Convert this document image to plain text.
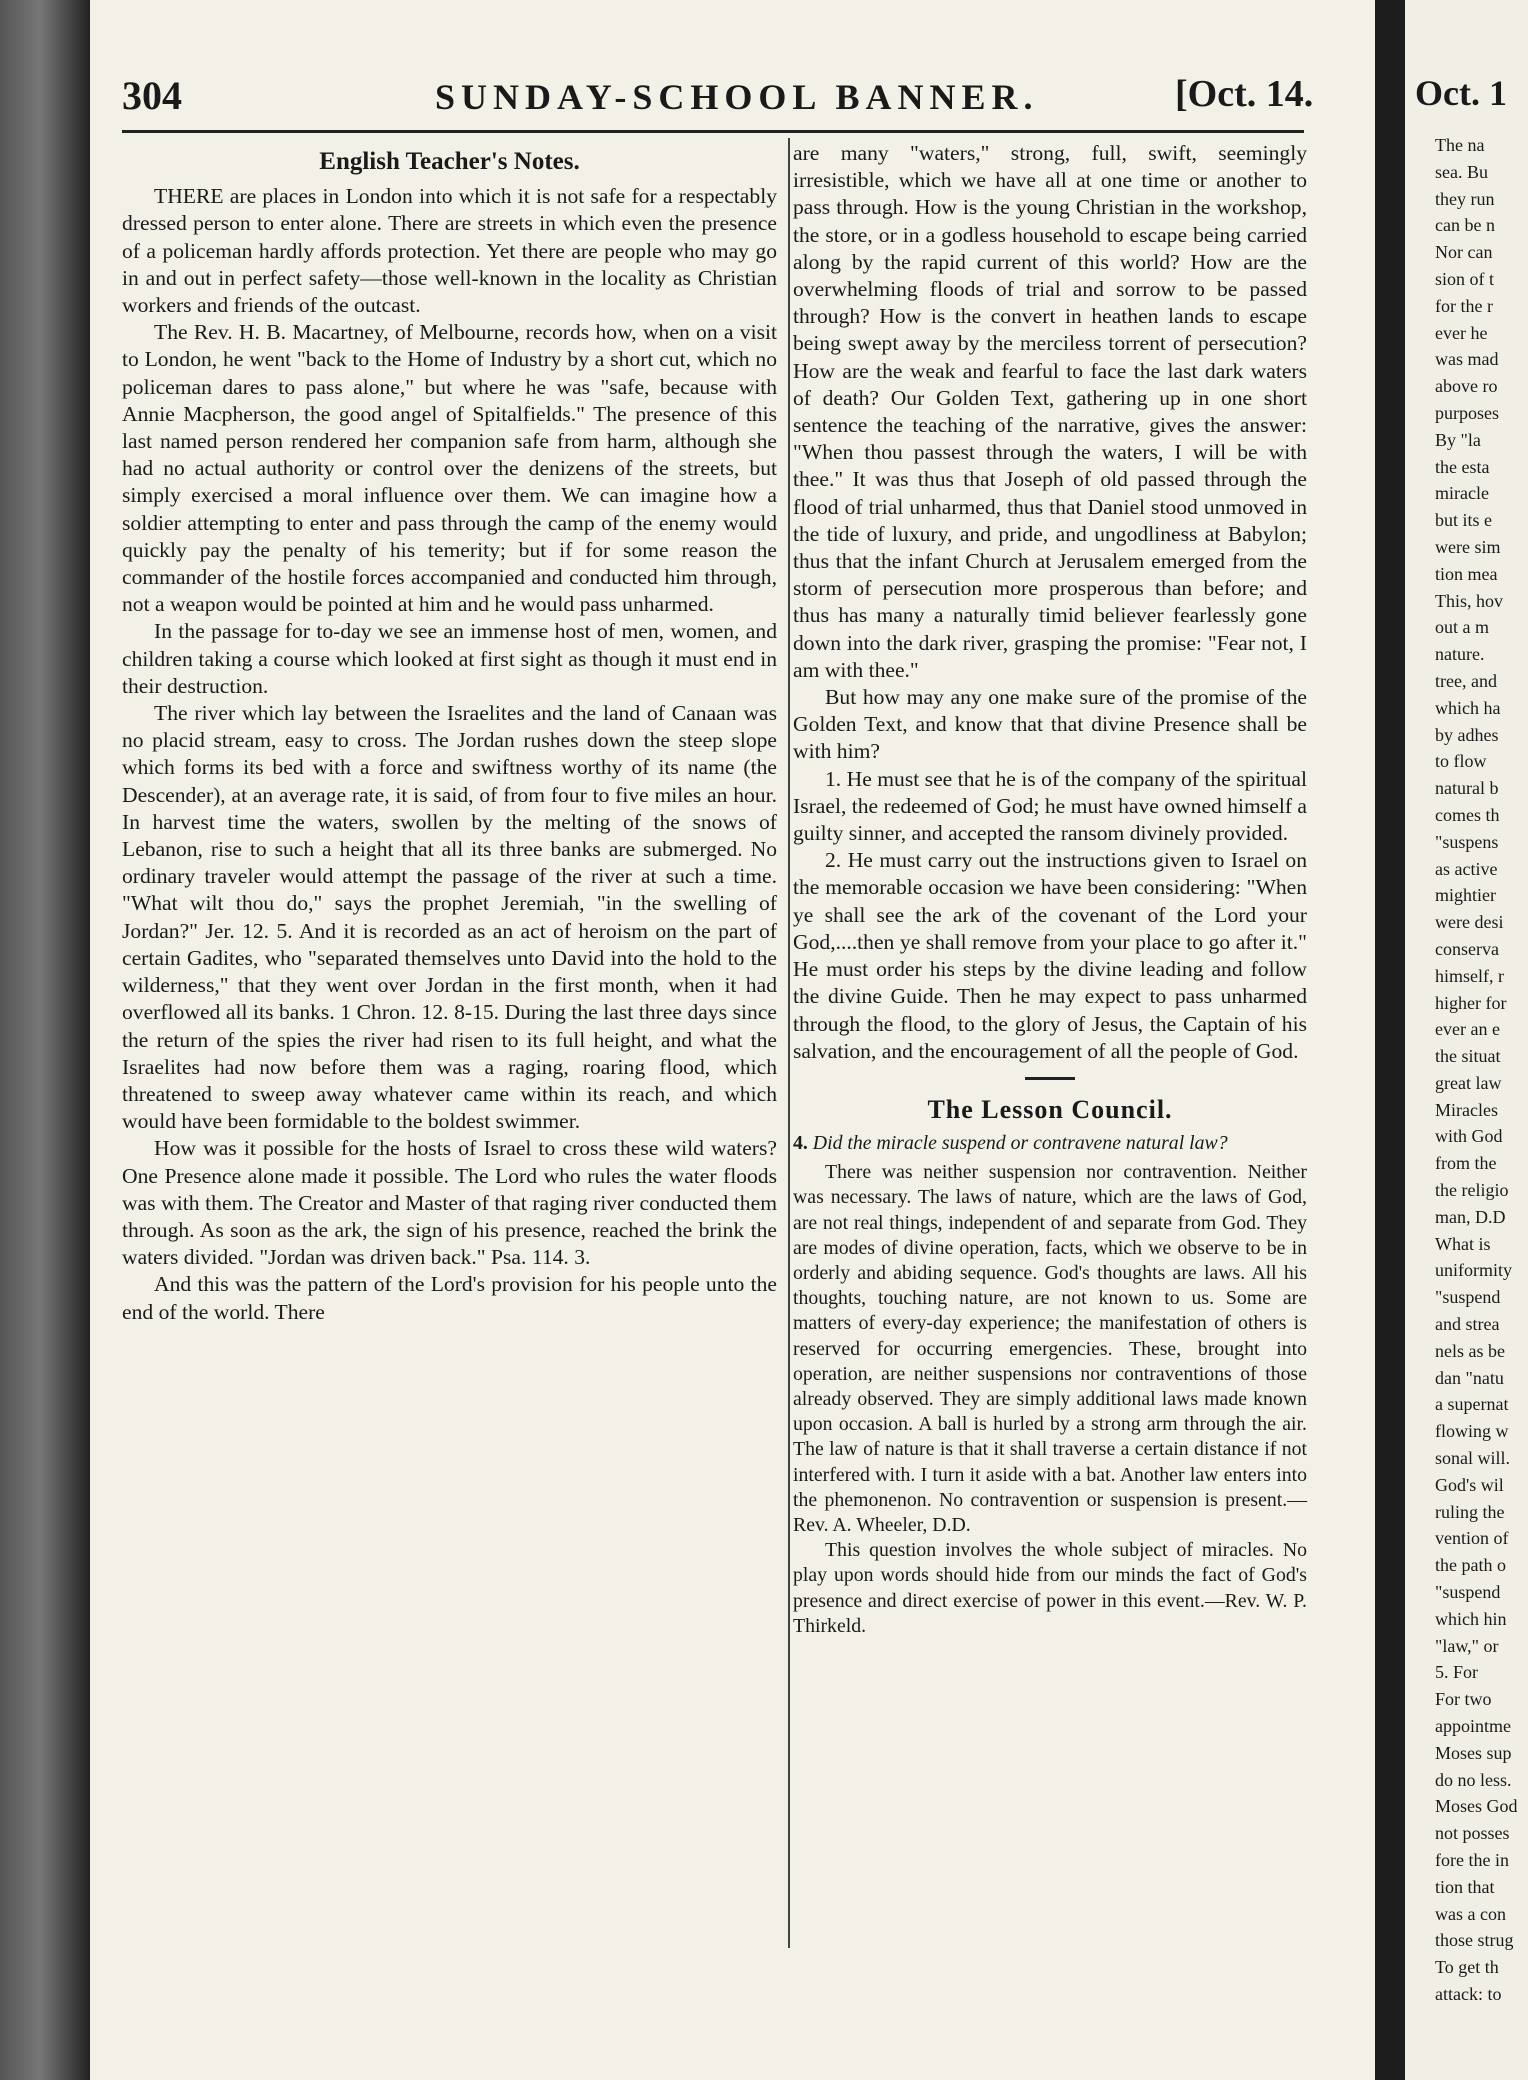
Oct. 1
The na
sea. Bu
they run
can be n
Nor can
sion of t
for the r
ever he
was mad
above ro
purposes
By "la
the esta
miracle
but its e
were sim
tion mea
This, hov
out a m
nature.
tree, and
which ha
by adhes
to flow
natural b
comes th
"suspens
as active
mightier
were desi
conserva
himself, r
higher for
ever an e
the situat
great law
Miracles
with God
from the
the religio
man, D.D
What is
uniformity
"suspend
and strea
nels as be
dan "natu
a supernat
flowing w
sonal will.
God's wil
ruling the
vention of
the path o
"suspend
which hin
"law," or
5. For
For two
appointme
Moses sup
do no less.
Moses God
not posses
fore the in
tion that
was a con
those strug
To get th
attack: to
304	SUNDAY-SCHOOL BANNER.	[Oct. 14.
English Teacher's Notes.

THERE are places in London into which it is not safe for a respectably dressed person to enter alone. There are streets in which even the presence of a policeman hardly affords protection. Yet there are people who may go in and out in perfect safety—those well-known in the locality as Christian workers and friends of the outcast.

The Rev. H. B. Macartney, of Melbourne, records how, when on a visit to London, he went "back to the Home of Industry by a short cut, which no policeman dares to pass alone," but where he was "safe, because with Annie Macpherson, the good angel of Spitalfields." The presence of this last named person rendered her companion safe from harm, although she had no actual authority or control over the denizens of the streets, but simply exercised a moral influence over them. We can imagine how a soldier attempting to enter and pass through the camp of the enemy would quickly pay the penalty of his temerity; but if for some reason the commander of the hostile forces accompanied and conducted him through, not a weapon would be pointed at him and he would pass unharmed.

In the passage for to-day we see an immense host of men, women, and children taking a course which looked at first sight as though it must end in their destruction.

The river which lay between the Israelites and the land of Canaan was no placid stream, easy to cross. The Jordan rushes down the steep slope which forms its bed with a force and swiftness worthy of its name (the Descender), at an average rate, it is said, of from four to five miles an hour. In harvest time the waters, swollen by the melting of the snows of Lebanon, rise to such a height that all its three banks are submerged. No ordinary traveler would attempt the passage of the river at such a time. "What wilt thou do," says the prophet Jeremiah, "in the swelling of Jordan?" Jer. 12. 5. And it is recorded as an act of heroism on the part of certain Gadites, who "separated themselves unto David into the hold to the wilderness," that they went over Jordan in the first month, when it had overflowed all its banks. 1 Chron. 12. 8-15. During the last three days since the return of the spies the river had risen to its full height, and what the Israelites had now before them was a raging, roaring flood, which threatened to sweep away whatever came within its reach, and which would have been formidable to the boldest swimmer.

How was it possible for the hosts of Israel to cross these wild waters? One Presence alone made it possible. The Lord who rules the water floods was with them. The Creator and Master of that raging river conducted them through. As soon as the ark, the sign of his presence, reached the brink the waters divided. "Jordan was driven back." Psa. 114. 3.

And this was the pattern of the Lord's provision for his people unto the end of the world. There

are many "waters," strong, full, swift, seemingly irresistible, which we have all at one time or another to pass through. How is the young Christian in the workshop, the store, or in a godless household to escape being carried along by the rapid current of this world? How are the overwhelming floods of trial and sorrow to be passed through? How is the convert in heathen lands to escape being swept away by the merciless torrent of persecution? How are the weak and fearful to face the last dark waters of death? Our Golden Text, gathering up in one short sentence the teaching of the narrative, gives the answer: "When thou passest through the waters, I will be with thee." It was thus that Joseph of old passed through the flood of trial unharmed, thus that Daniel stood unmoved in the tide of luxury, and pride, and ungodliness at Babylon; thus that the infant Church at Jerusalem emerged from the storm of persecution more prosperous than before; and thus has many a naturally timid believer fearlessly gone down into the dark river, grasping the promise: "Fear not, I am with thee."

But how may any one make sure of the promise of the Golden Text, and know that that divine Presence shall be with him?

1. He must see that he is of the company of the spiritual Israel, the redeemed of God; he must have owned himself a guilty sinner, and accepted the ransom divinely provided.

2. He must carry out the instructions given to Israel on the memorable occasion we have been considering: "When ye shall see the ark of the covenant of the Lord your God,....then ye shall remove from your place to go after it." He must order his steps by the divine leading and follow the divine Guide. Then he may expect to pass unharmed through the flood, to the glory of Jesus, the Captain of his salvation, and the encouragement of all the people of God.

The Lesson Council.

4. Did the miracle suspend or contravene natural law?

There was neither suspension nor contravention. Neither was necessary. The laws of nature, which are the laws of God, are not real things, independent of and separate from God. They are modes of divine operation, facts, which we observe to be in orderly and abiding sequence. God's thoughts are laws. All his thoughts, touching nature, are not known to us. Some are matters of every-day experience; the manifestation of others is reserved for occurring emergencies. These, brought into operation, are neither suspensions nor contraventions of those already observed. They are simply additional laws made known upon occasion. A ball is hurled by a strong arm through the air. The law of nature is that it shall traverse a certain distance if not interfered with. I turn it aside with a bat. Another law enters into the phemonenon. No contravention or suspension is present.—Rev. A. Wheeler, D.D.

This question involves the whole subject of miracles. No play upon words should hide from our minds the fact of God's presence and direct exercise of power in this event.—Rev. W. P. Thirkeld.
